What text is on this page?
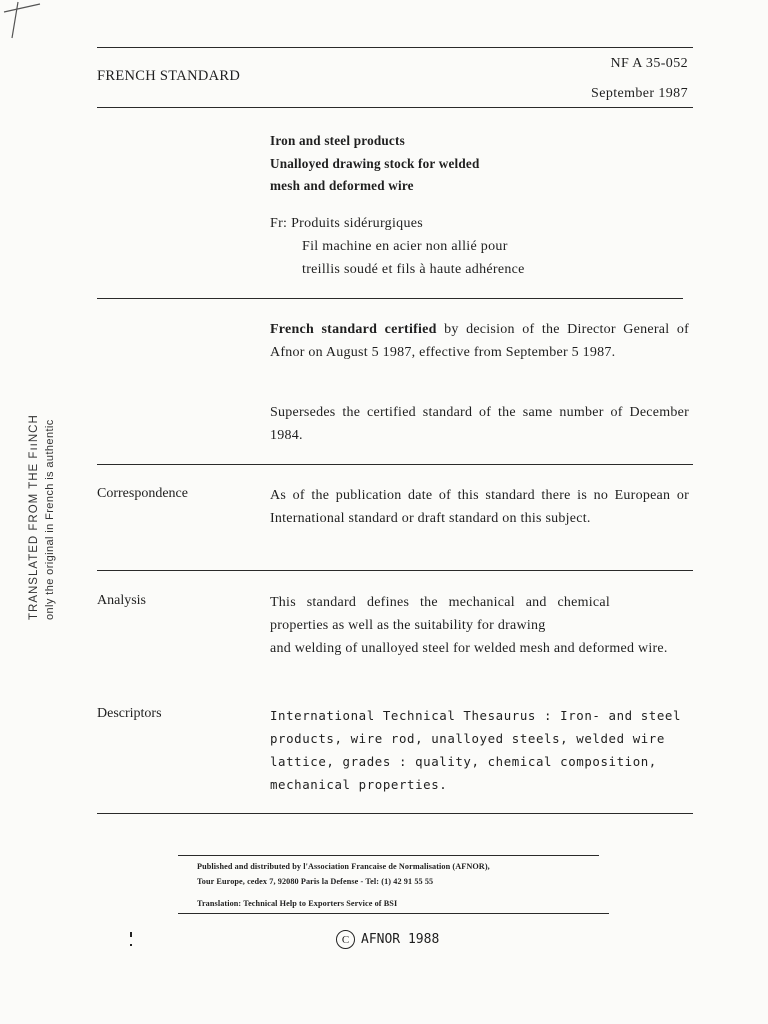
FRENCH STANDARD
NF A 35-052
September 1987
Iron and steel products
Unalloyed drawing stock for welded
mesh and deformed wire
Fr: Produits sidérurgiques
Fil machine en acier non allié pour
treillis soudé et fils à haute adhérence
French standard certified by decision of the Director General of Afnor on August 5 1987, effective from September 5 1987.
Supersedes the certified standard of the same number of December 1984.
Correspondence	As of the publication date of this standard there is no European or International standard or draft standard on this subject.
Analysis	This standard defines the mechanical and chemical properties as well as the suitability for drawing
and welding of unalloyed steel for welded mesh and deformed wire.
Descriptors	International Technical Thesaurus : Iron- and steel products, wire rod, unalloyed steels, welded wire lattice, grades : quality, chemical composition, mechanical properties.
TRANSLATED FROM THE FııNCH only the original in French is authentic
Published and distributed by l'Association Francaise de Normalisation (AFNOR),
Tour Europe, cedex 7, 92080 Paris la Defense - Tel: (1) 42 91 55 55
Translation: Technical Help to Exporters Service of BSI
C AFNOR 1988
